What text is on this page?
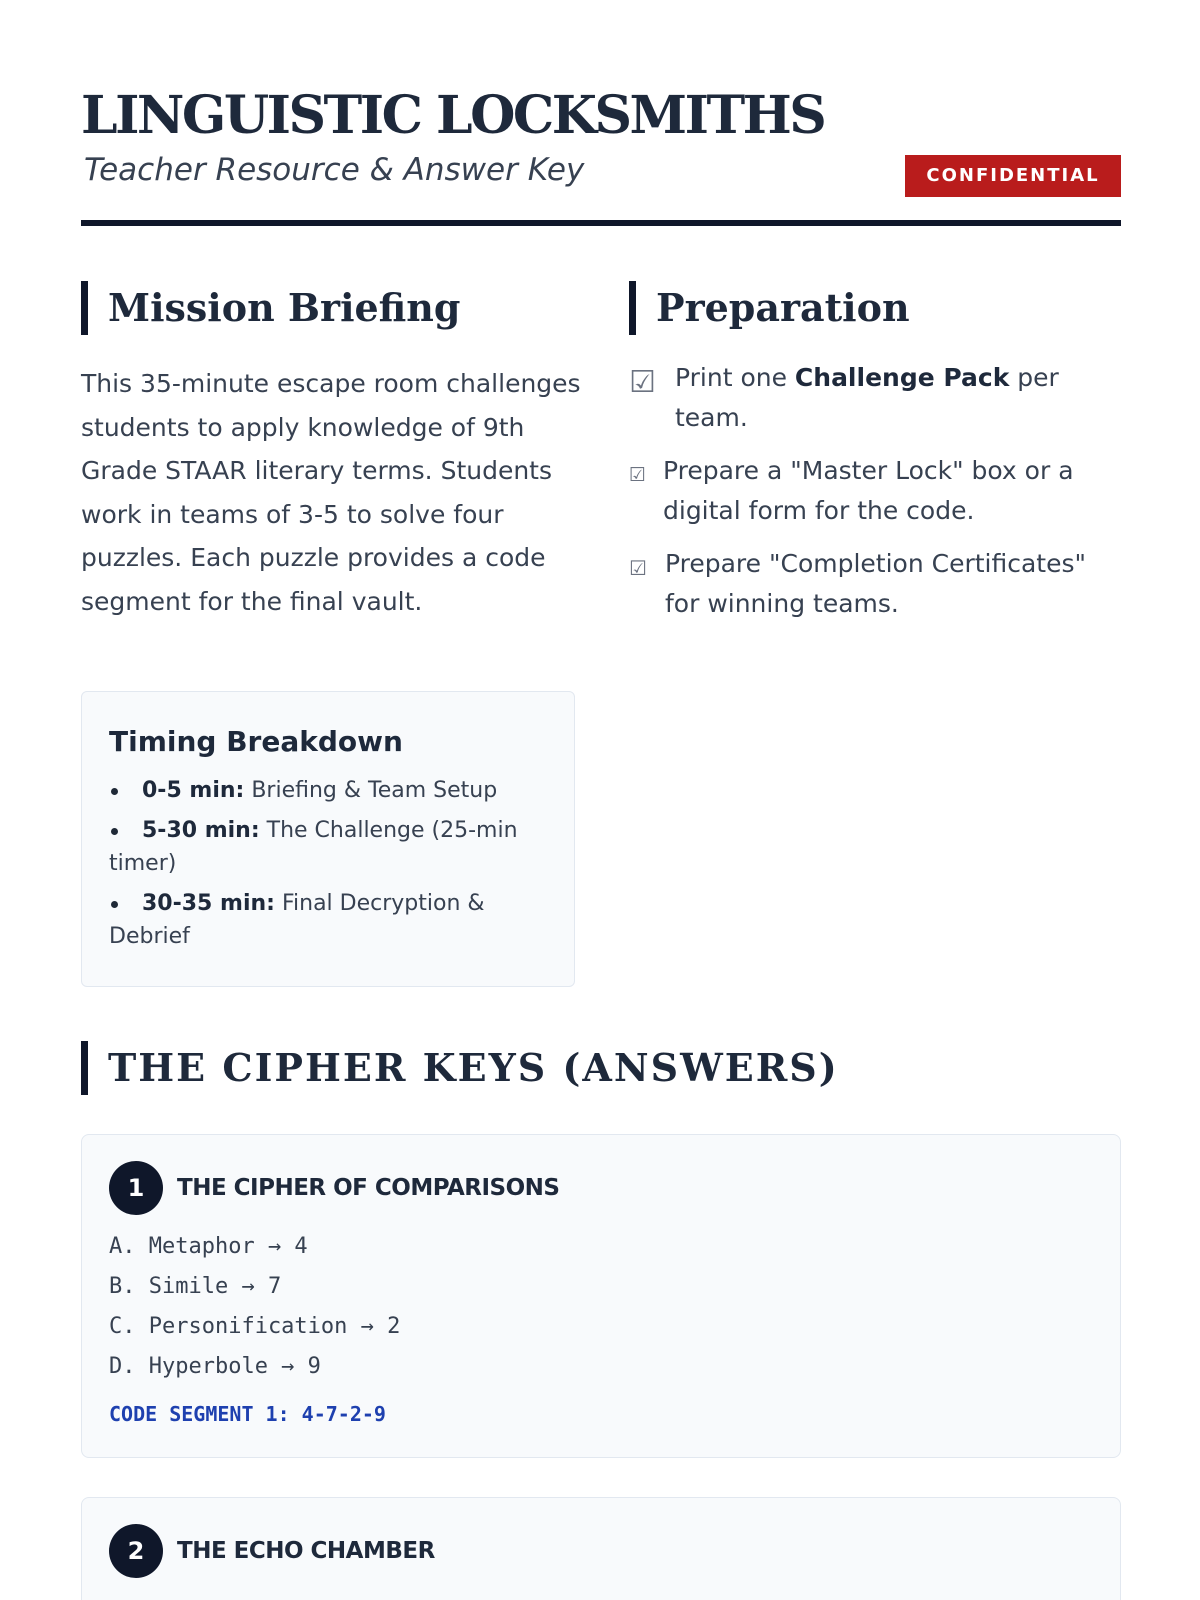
LINGUISTIC LOCKSMITHS
Teacher Resource & Answer Key	CONFIDENTIAL
Mission Briefing
This 35-minute escape room challenges students to apply knowledge of 9th Grade STAAR literary terms. Students work in teams of 3-5 to solve four puzzles. Each puzzle provides a code segment for the final vault.
Timing Breakdown
0-5 min: Briefing & Team Setup
5-30 min: The Challenge (25-min timer)
30-35 min: Final Decryption & Debrief
Preparation
☑ Print one Challenge Pack per team.
☑ Prepare a "Master Lock" box or a digital form for the code.
☑ Prepare "Completion Certificates" for winning teams.
THE CIPHER KEYS (ANSWERS)
1	THE CIPHER OF COMPARISONS
A. Metaphor → 4
B. Simile → 7
C. Personification → 2
D. Hyperbole → 9
CODE SEGMENT 1: 4-7-2-9
2	THE ECHO CHAMBER
